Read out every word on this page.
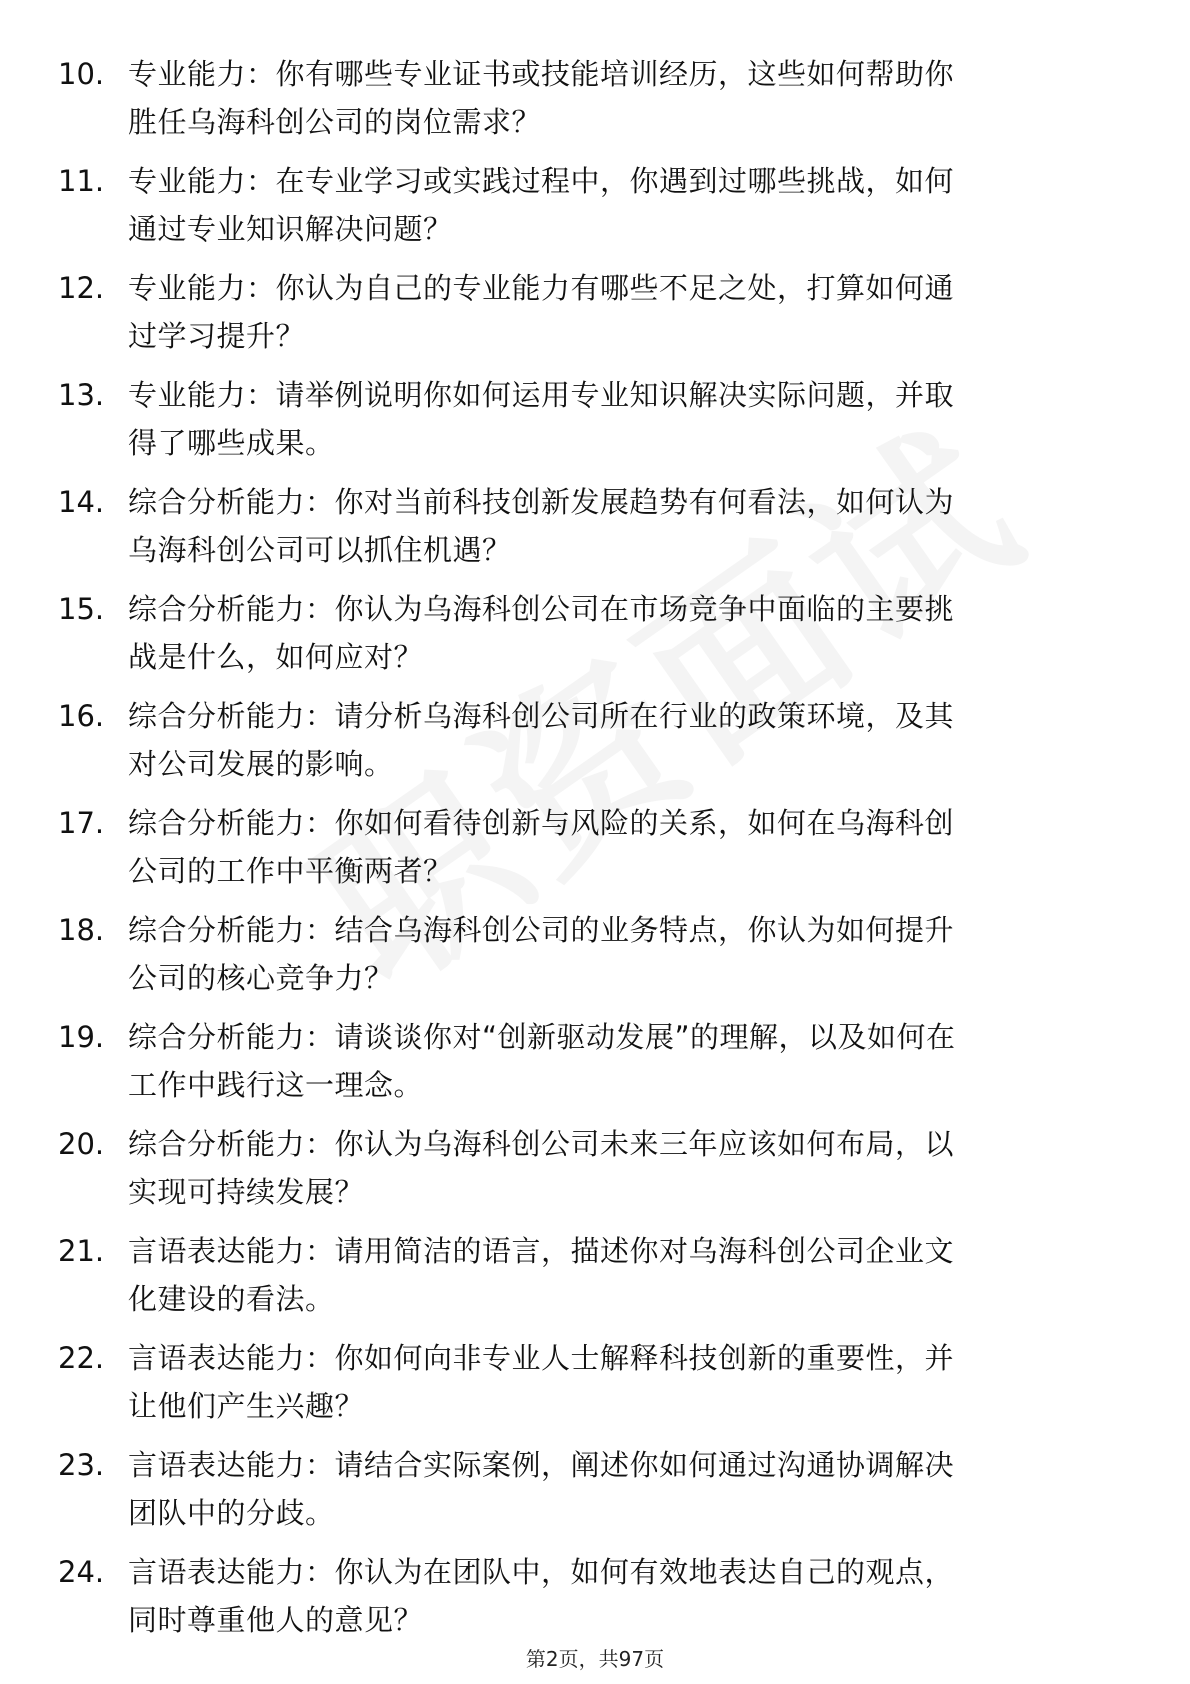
10. 专业能力：你有哪些专业证书或技能培训经历，这些如何帮助你
胜任乌海科创公司的岗位需求？
11. 专业能力：在专业学习或实践过程中，你遇到过哪些挑战，如何
通过专业知识解决问题？
12. 专业能力：你认为自己的专业能力有哪些不足之处，打算如何通
过学习提升？
13. 专业能力：请举例说明你如何运用专业知识解决实际问题，并取
得了哪些成果。
14. 综合分析能力：你对当前科技创新发展趋势有何看法，如何认为
乌海科创公司可以抓住机遇？
15. 综合分析能力：你认为乌海科创公司在市场竞争中面临的主要挑
战是什么，如何应对？
16. 综合分析能力：请分析乌海科创公司所在行业的政策环境，及其
对公司发展的影响。
17. 综合分析能力：你如何看待创新与风险的关系，如何在乌海科创
公司的工作中平衡两者？
18. 综合分析能力：结合乌海科创公司的业务特点，你认为如何提升
公司的核心竞争力？
19. 综合分析能力：请谈谈你对“创新驱动发展”的理解，以及如何在
工作中践行这一理念。
20. 综合分析能力：你认为乌海科创公司未来三年应该如何布局，以
实现可持续发展？
21. 言语表达能力：请用简洁的语言，描述你对乌海科创公司企业文
化建设的看法。
22. 言语表达能力：你如何向非专业人士解释科技创新的重要性，并
让他们产生兴趣？
23. 言语表达能力：请结合实际案例，阐述你如何通过沟通协调解决
团队中的分歧。
24. 言语表达能力：你认为在团队中，如何有效地表达自己的观点，
同时尊重他人的意见？
第2页，共97页
